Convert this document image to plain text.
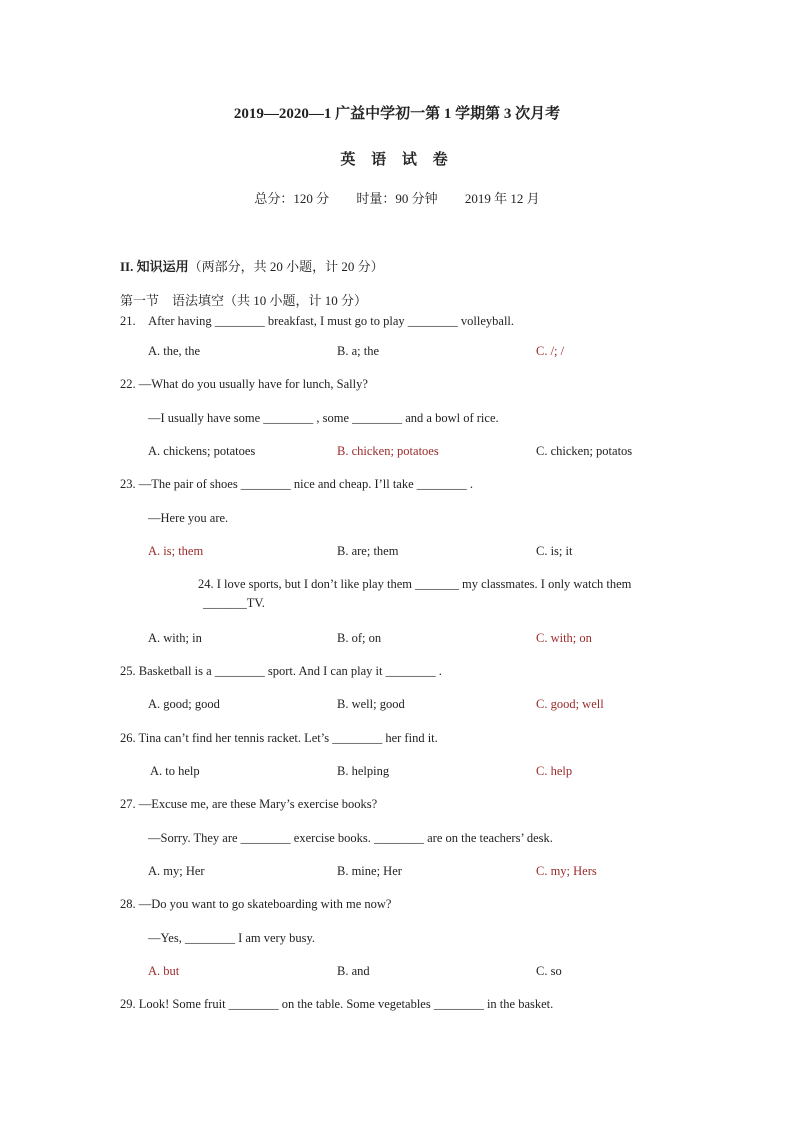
2019—2020—1 广益中学初一第 1 学期第 3 次月考
英 语 试 卷
总分：120 分 时量：90 分钟 2019 年 12 月
II. 知识运用（两部分，共 20 小题，计 20 分）
第一节　语法填空（共 10 小题，计 10 分）
21.　After having ________ breakfast, I must go to play ________ volleyball.
A. the, the	B. a; the	C. /; /
22. —What do you usually have for lunch, Sally?
—I usually have some ________ , some ________ and a bowl of rice.
A. chickens; potatoes	B. chicken; potatoes	C. chicken; potatos
23. —The pair of shoes ________ nice and cheap. I’ll take ________ .
—Here you are.
A. is; them	B. are; them	C. is; it
24. I love sports, but I don’t like play them _______ my classmates. I only watch them
_______TV.
A. with; in	B. of; on	C. with; on
25. Basketball is a ________ sport. And I can play it ________ .
A. good; good	B. well; good	C. good; well
26. Tina can’t find her tennis racket. Let’s ________ her find it.
A. to help	B. helping	C. help
27. —Excuse me, are these Mary’s exercise books?
—Sorry. They are ________ exercise books. ________ are on the teachers’ desk.
A. my; Her	B. mine; Her	C. my; Hers
28. —Do you want to go skateboarding with me now?
—Yes, ________ I am very busy.
A. but	B. and	C. so
29. Look! Some fruit ________ on the table. Some vegetables ________ in the basket.
